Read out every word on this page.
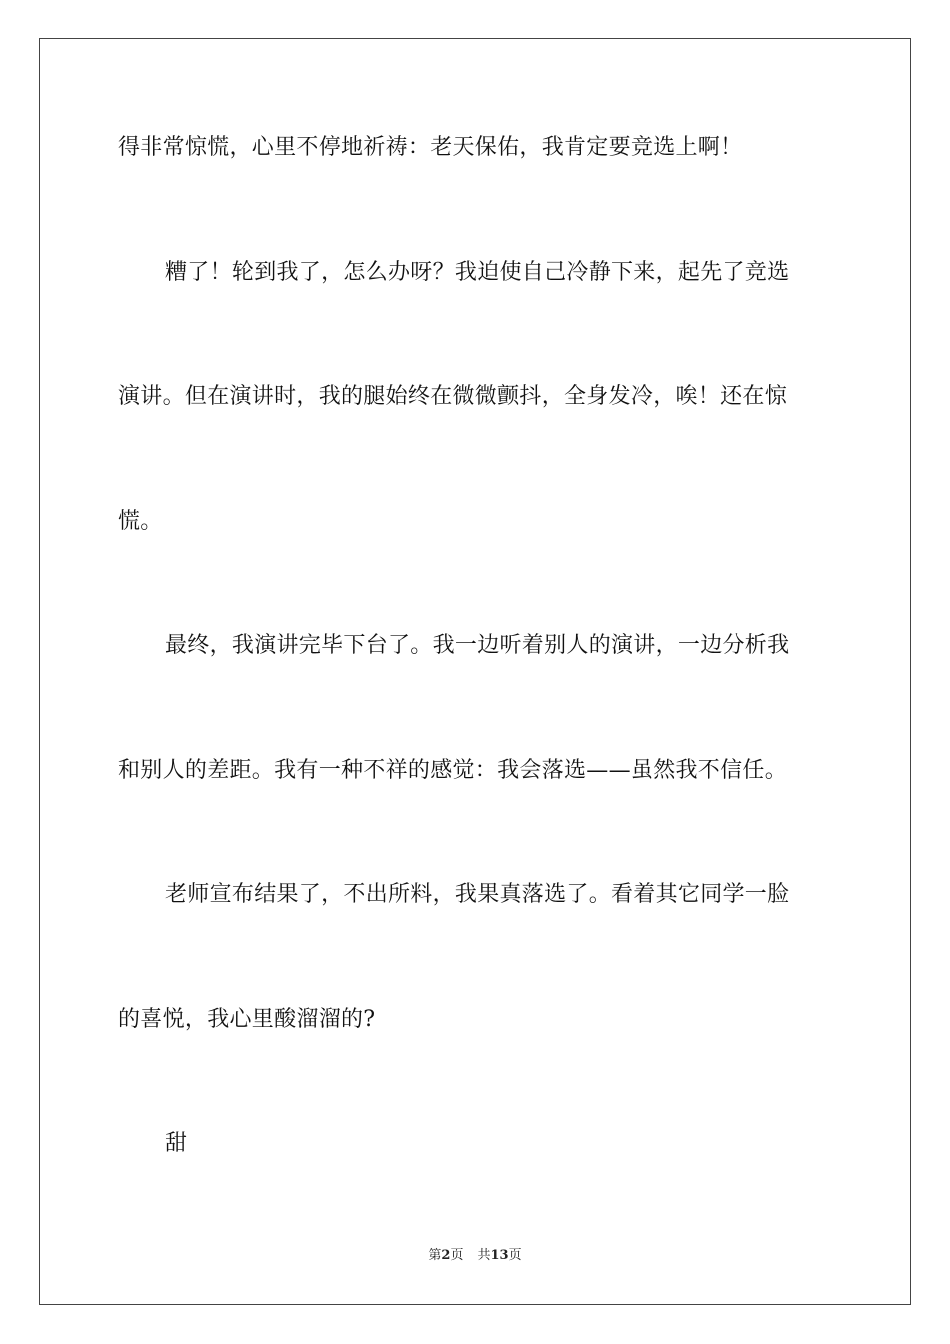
得非常惊慌，心里不停地祈祷：老天保佑，我肯定要竞选上啊！
糟了！轮到我了，怎么办呀？我迫使自己冷静下来，起先了竞选
演讲。但在演讲时，我的腿始终在微微颤抖，全身发冷，唉！还在惊
慌。
最终，我演讲完毕下台了。我一边听着别人的演讲，一边分析我
和别人的差距。我有一种不祥的感觉：我会落选——虽然我不信任。
老师宣布结果了，不出所料，我果真落选了。看着其它同学一脸
的喜悦，我心里酸溜溜的?
甜
第2页 共13页
